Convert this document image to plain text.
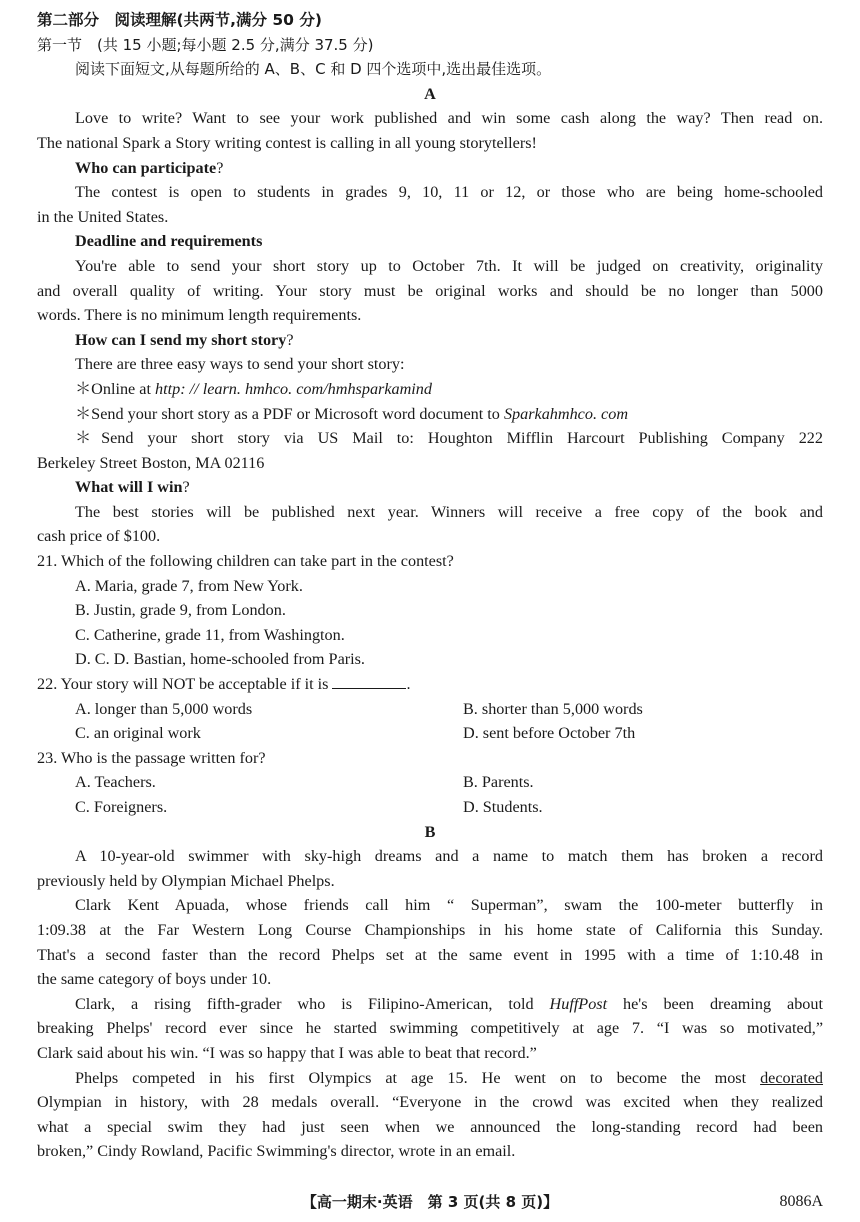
第二部分　阅读理解(共两节,满分 50 分)
第一节　(共 15 小题;每小题 2.5 分,满分 37.5 分)
阅读下面短文,从每题所给的 A、B、C 和 D 四个选项中,选出最佳选项。
A
Love to write? Want to see your work published and win some cash along the way? Then read on.
The national Spark a Story writing contest is calling in all young storytellers!
Who can participate?
The contest is open to students in grades 9, 10, 11 or 12, or those who are being home-schooled
in the United States.
Deadline and requirements
You're able to send your short story up to October 7th. It will be judged on creativity, originality
and overall quality of writing. Your story must be original works and should be no longer than 5000
words. There is no minimum length requirements.
How can I send my short story?
There are three easy ways to send your short story:
＊Online at http: // learn. hmhco. com/hmhsparkamind
＊Send your short story as a PDF or Microsoft word document to Sparkahmhco. com
＊Send your short story via US Mail to: Houghton Mifflin Harcourt Publishing Company 222
Berkeley Street Boston, MA 02116
What will I win?
The best stories will be published next year. Winners will receive a free copy of the book and
cash price of $100.
21. Which of the following children can take part in the contest?
A. Maria, grade 7, from New York.
B. Justin, grade 9, from London.
C. Catherine, grade 11, from Washington.
D. C. D. Bastian, home-schooled from Paris.
22. Your story will NOT be acceptable if it is	.
A. longer than 5,000 words	B. shorter than 5,000 words
C. an original work	D. sent before October 7th
23. Who is the passage written for?
A. Teachers.	B. Parents.
C. Foreigners.	D. Students.
B
A 10-year-old swimmer with sky-high dreams and a name to match them has broken a record
previously held by Olympian Michael Phelps.
Clark Kent Apuada, whose friends call him “ Superman”, swam the 100-meter butterfly in
1:09.38 at the Far Western Long Course Championships in his home state of California this Sunday.
That's a second faster than the record Phelps set at the same event in 1995 with a time of 1:10.48 in
the same category of boys under 10.
Clark, a rising fifth-grader who is Filipino-American, told HuffPost he's been dreaming about
breaking Phelps' record ever since he started swimming competitively at age 7. “I was so motivated,”
Clark said about his win. “I was so happy that I was able to beat that record.”
Phelps competed in his first Olympics at age 15. He went on to become the most decorated
Olympian in history, with 28 medals overall. “Everyone in the crowd was excited when they realized
what a special swim they had just seen when we announced the long-standing record had been
broken,” Cindy Rowland, Pacific Swimming's director, wrote in an email.
【高一期末·英语　第 3 页(共 8 页)】	8086A
